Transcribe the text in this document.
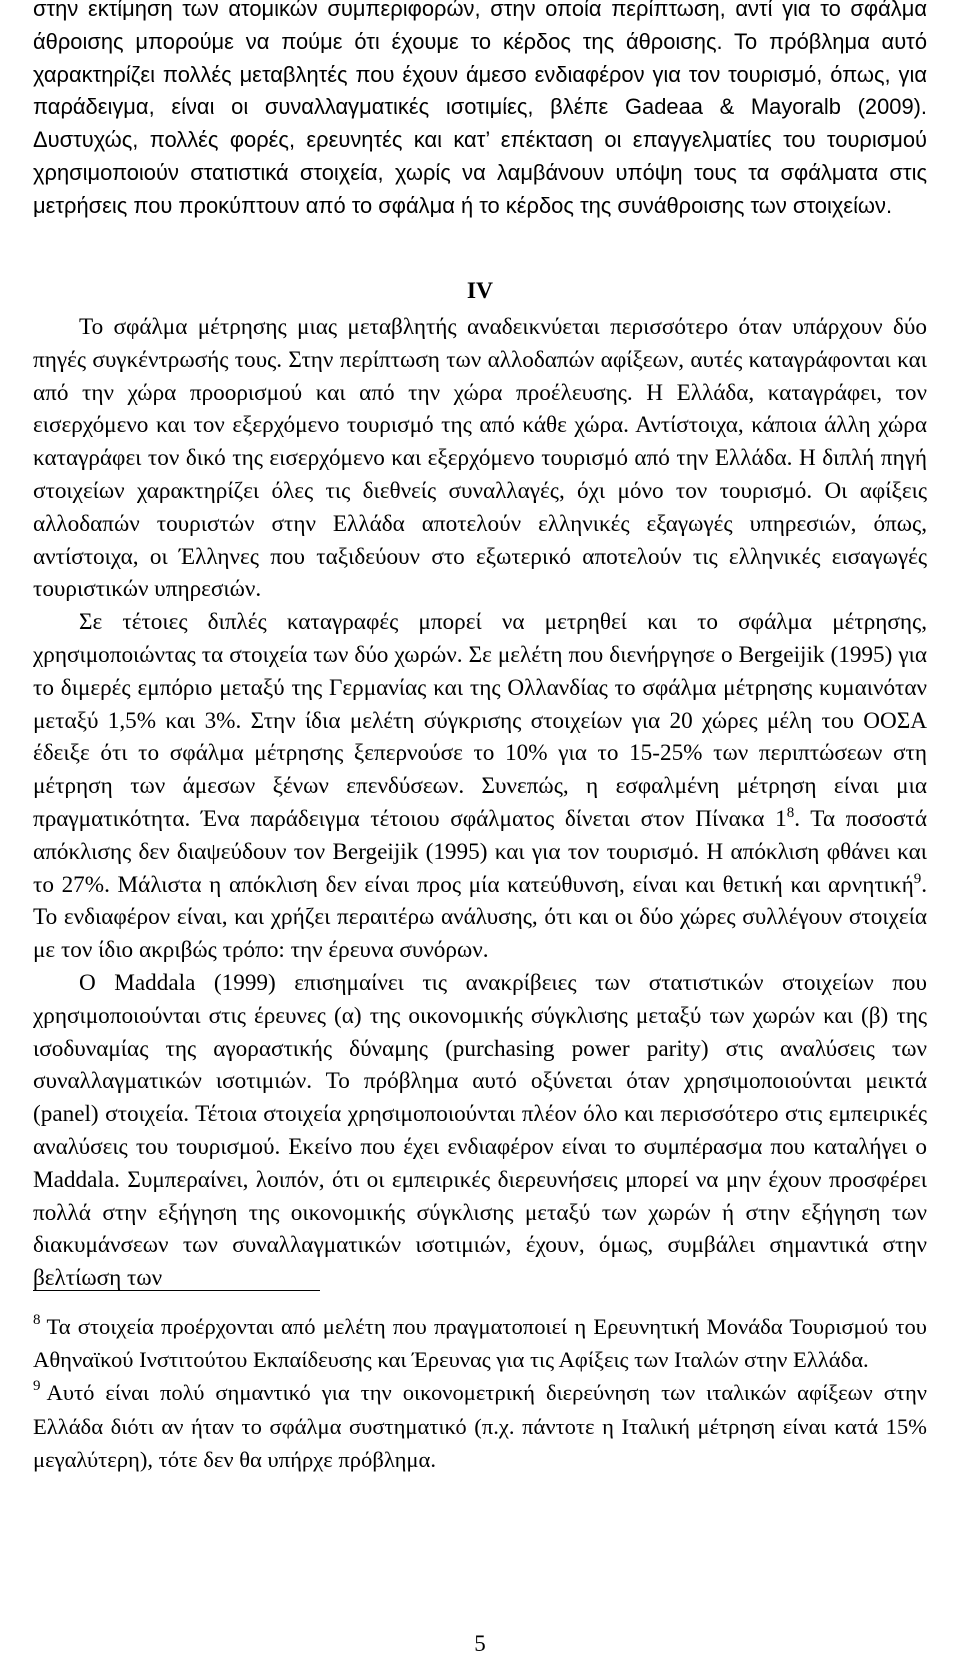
στην εκτίμηση των ατομικών συμπεριφορών, στην οποία περίπτωση, αντί για το σφάλμα άθροισης μπορούμε να πούμε ότι έχουμε το κέρδος της άθροισης. Το πρόβλημα αυτό χαρακτηρίζει πολλές μεταβλητές που έχουν άμεσο ενδιαφέρον για τον τουρισμό, όπως, για παράδειγμα, είναι οι συναλλαγματικές ισοτιμίες, βλέπε Gadeaa & Mayoralb (2009). Δυστυχώς, πολλές φορές, ερευνητές και κατ’ επέκταση οι επαγγελματίες του τουρισμού χρησιμοποιούν στατιστικά στοιχεία, χωρίς να λαμβάνουν υπόψη τους τα σφάλματα στις μετρήσεις που προκύπτουν από το σφάλμα ή το κέρδος της συνάθροισης των στοιχείων.

IV

Το σφάλμα μέτρησης μιας μεταβλητής αναδεικνύεται περισσότερο όταν υπάρχουν δύο πηγές συγκέντρωσής τους. Στην περίπτωση των αλλοδαπών αφίξεων, αυτές καταγράφονται και από την χώρα προορισμού και από την χώρα προέλευσης. Η Ελλάδα, καταγράφει, τον εισερχόμενο και τον εξερχόμενο τουρισμό της από κάθε χώρα. Αντίστοιχα, κάποια άλλη χώρα καταγράφει τον δικό της εισερχόμενο και εξερχόμενο τουρισμό από την Ελλάδα. Η διπλή πηγή στοιχείων χαρακτηρίζει όλες τις διεθνείς συναλλαγές, όχι μόνο τον τουρισμό. Οι αφίξεις αλλοδαπών τουριστών στην Ελλάδα αποτελούν ελληνικές εξαγωγές υπηρεσιών, όπως, αντίστοιχα, οι Έλληνες που ταξιδεύουν στο εξωτερικό αποτελούν τις ελληνικές εισαγωγές τουριστικών υπηρεσιών.

Σε τέτοιες διπλές καταγραφές μπορεί να μετρηθεί και το σφάλμα μέτρησης, χρησιμοποιώντας τα στοιχεία των δύο χωρών. Σε μελέτη που διενήργησε ο Bergeijik (1995) για το διμερές εμπόριο μεταξύ της Γερμανίας και της Ολλανδίας το σφάλμα μέτρησης κυμαινόταν μεταξύ 1,5% και 3%. Στην ίδια μελέτη σύγκρισης στοιχείων για 20 χώρες μέλη του ΟΟΣΑ έδειξε ότι το σφάλμα μέτρησης ξεπερνούσε το 10% για το 15-25% των περιπτώσεων στη μέτρηση των άμεσων ξένων επενδύσεων. Συνεπώς, η εσφαλμένη μέτρηση είναι μια πραγματικότητα. Ένα παράδειγμα τέτοιου σφάλματος δίνεται στον Πίνακα $1^8$. Τα ποσοστά απόκλισης δεν διαψεύδουν τον Bergeijik (1995) και για τον τουρισμό. Η απόκλιση φθάνει και το 27%. Μάλιστα η απόκλιση δεν είναι προς μία κατεύθυνση, είναι και θετική και αρνητική$^9$. Το ενδιαφέρον είναι, και χρήζει περαιτέρω ανάλυσης, ότι και οι δύο χώρες συλλέγουν στοιχεία με τον ίδιο ακριβώς τρόπο: την έρευνα συνόρων.

Ο Maddala (1999) επισημαίνει τις ανακρίβειες των στατιστικών στοιχείων που χρησιμοποιούνται στις έρευνες (α) της οικονομικής σύγκλισης μεταξύ των χωρών και (β) της ισοδυναμίας της αγοραστικής δύναμης (purchasing power parity) στις αναλύσεις των συναλλαγματικών ισοτιμιών. Το πρόβλημα αυτό οξύνεται όταν χρησιμοποιούνται μεικτά (panel) στοιχεία. Τέτοια στοιχεία χρησιμοποιούνται πλέον όλο και περισσότερο στις εμπειρικές αναλύσεις του τουρισμού. Εκείνο που έχει ενδιαφέρον είναι το συμπέρασμα που καταλήγει ο Maddala. Συμπεραίνει, λοιπόν, ότι οι εμπειρικές διερευνήσεις μπορεί να μην έχουν προσφέρει πολλά στην εξήγηση της οικονομικής σύγκλισης μεταξύ των χωρών ή στην εξήγηση των διακυμάνσεων των συναλλαγματικών ισοτιμιών, έχουν, όμως, συμβάλει σημαντικά στην βελτίωση των

$^8$ Τα στοιχεία προέρχονται από μελέτη που πραγματοποιεί η Ερευνητική Μονάδα Τουρισμού του Αθηναϊκού Ινστιτούτου Εκπαίδευσης και Έρευνας για τις Αφίξεις των Ιταλών στην Ελλάδα.

$^9$ Αυτό είναι πολύ σημαντικό για την οικονομετρική διερεύνηση των ιταλικών αφίξεων στην Ελλάδα διότι αν ήταν το σφάλμα συστηματικό (π.χ. πάντοτε η Ιταλική μέτρηση είναι κατά 15% μεγαλύτερη), τότε δεν θα υπήρχε πρόβλημα.

5
